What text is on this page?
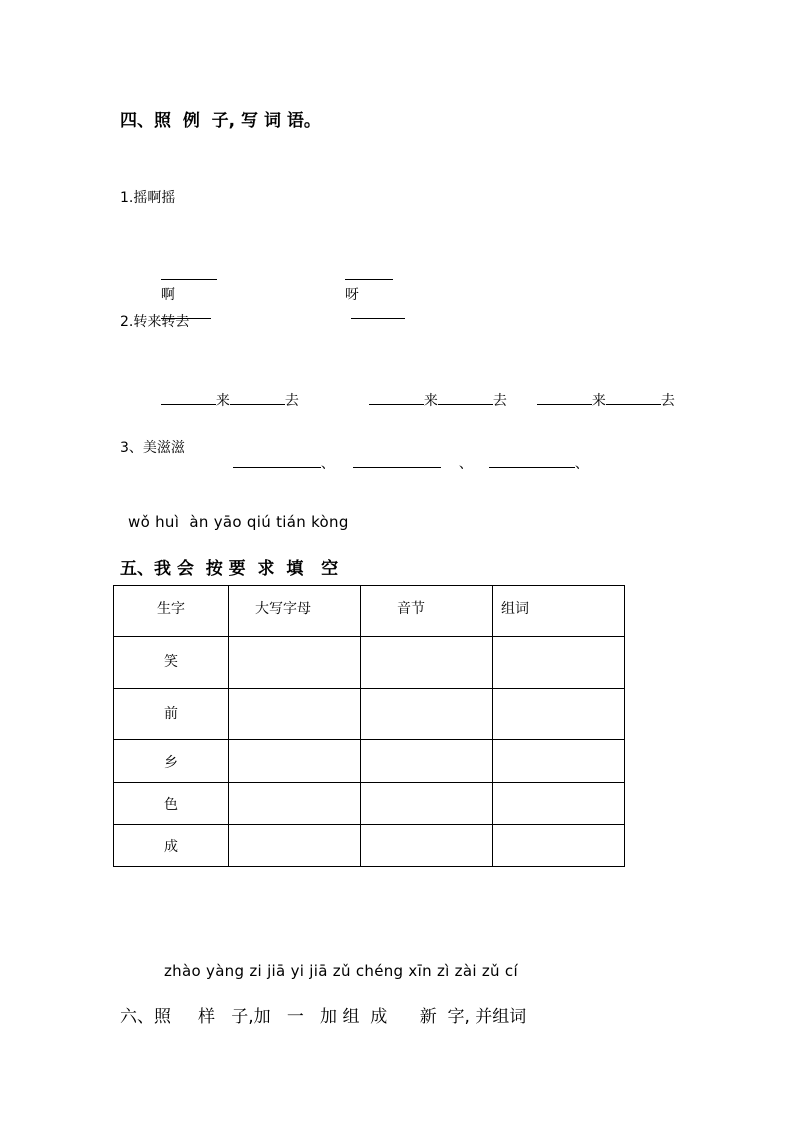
四、照  例  子, 写 词 语。
1.摇啊摇

啊

	呀

2.转来转去

来	去	来	去	来	去

3、美滋滋

、	、	、

wǒ huì  àn yāo qiú tián kòng
五、我 会  按 要  求  填   空
生字	大写字母	音节	组词

笑			

前			

乡			

色			

成			

zhào yàng zi jiā yi jiā zǔ chéng xīn zì zài zǔ cí
六、照     样   子,加   一   加 组  成      新  字, 并组词
